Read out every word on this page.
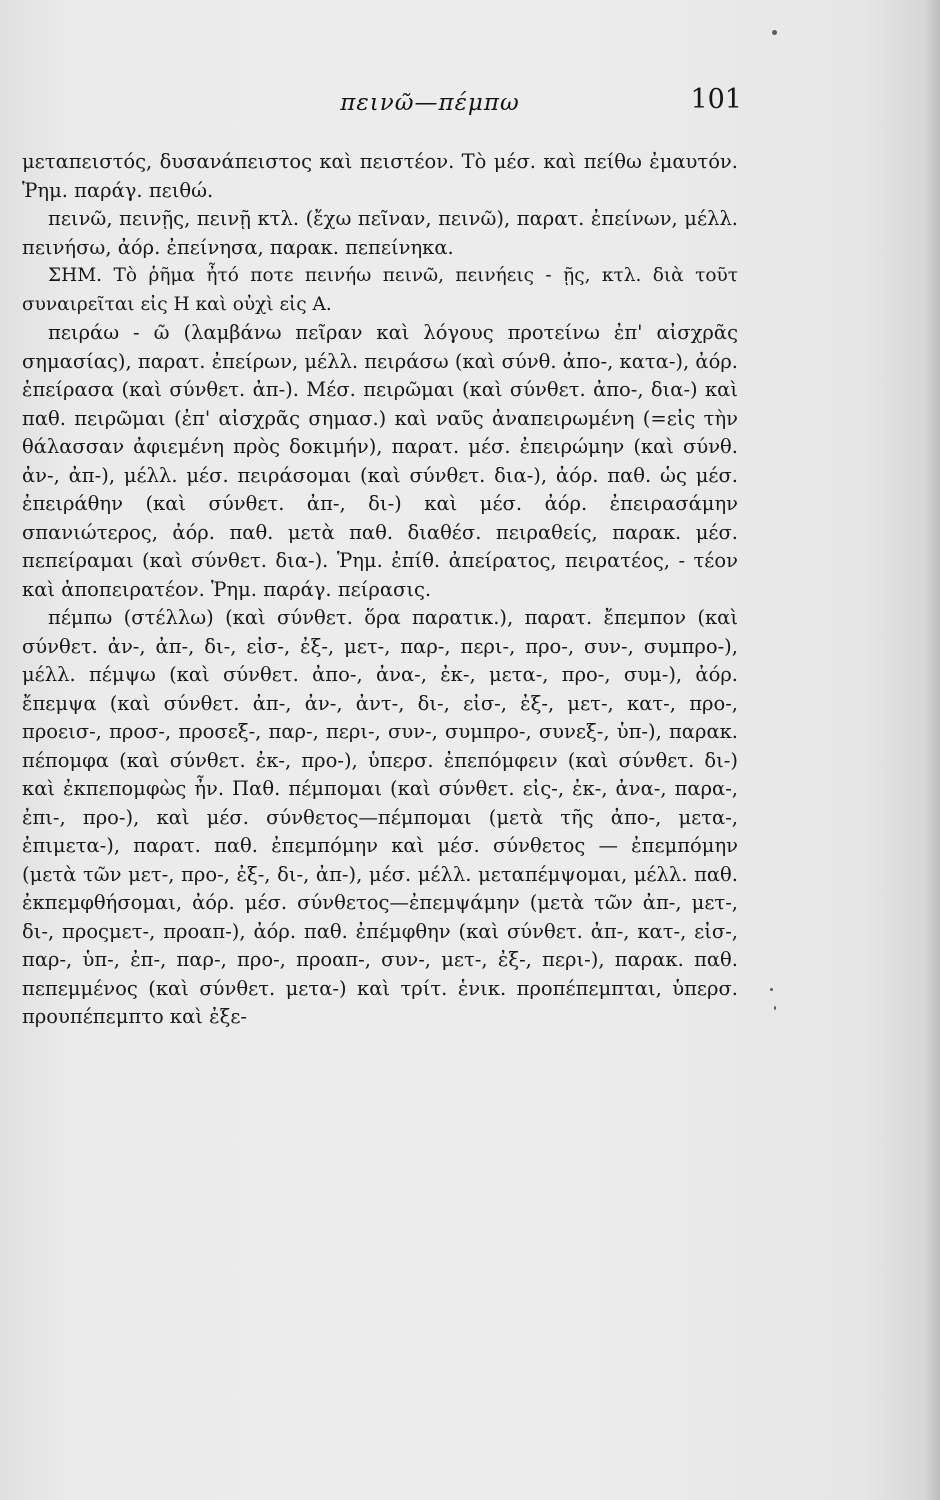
πεινῶ—πέμπω	101

μεταπειστός, δυσανάπειστος καὶ πειστέον. Τὸ μέσ. καὶ πείθω ἐμαυτόν. Ῥημ. παράγ. πειθώ.

πεινῶ, πεινῇς, πεινῇ κτλ. (ἔχω πεῖναν, πεινῶ), παρατ. ἐπείνων, μέλλ. πεινήσω, ἀόρ. ἐπείνησα, παρακ. πεπείνηκα.

ΣΗΜ. Τὸ ῥῆμα ἦτό ποτε πεινήω πεινῶ, πεινήεις - ῇς, κτλ. διὰ τοῦτ συναιρεῖται εἰς Η καὶ οὐχὶ εἰς Α.

πειράω - ῶ (λαμβάνω πεῖραν καὶ λόγους προτείνω ἐπ' αἰσχρᾶς σημασίας), παρατ. ἐπείρων, μέλλ. πειράσω (καὶ σύνθ. ἀπο-, κατα-), ἀόρ. ἐπείρασα (καὶ σύνθετ. ἀπ-). Μέσ. πειρῶμαι (καὶ σύνθετ. ἀπο-, δια-) καὶ παθ. πειρῶμαι (ἐπ' αἰσχρᾶς σημασ.) καὶ ναῦς ἀναπειρωμένη (=εἰς τὴν θάλασσαν ἀφιεμένη πρὸς δοκιμήν), παρατ. μέσ. ἐπειρώμην (καὶ σύνθ. ἀν-, ἀπ-), μέλλ. μέσ. πειράσομαι (καὶ σύνθετ. δια-), ἀόρ. παθ. ὡς μέσ. ἐπειράθην (καὶ σύνθετ. ἀπ-, δι-) καὶ μέσ. ἀόρ. ἐπειρασάμην σπανιώτερος, ἀόρ. παθ. μετὰ παθ. διαθέσ. πειραθείς, παρακ. μέσ. πεπείραμαι (καὶ σύνθετ. δια-). Ῥημ. ἐπίθ. ἀπείρατος, πειρατέος, - τέον καὶ ἀποπειρατέον. Ῥημ. παράγ. πείρασις.

πέμπω (στέλλω) (καὶ σύνθετ. ὅρα παρατικ.), παρατ. ἔπεμπον (καὶ σύνθετ. ἀν-, ἀπ-, δι-, εἰσ-, ἐξ-, μετ-, παρ-, περι-, προ-, συν-, συμπρο-), μέλλ. πέμψω (καὶ σύνθετ. ἀπο-, ἀνα-, ἐκ-, μετα-, προ-, συμ-), ἀόρ. ἔπεμψα (καὶ σύνθετ. ἀπ-, ἀν-, ἀντ-, δι-, εἰσ-, ἐξ-, μετ-, κατ-, προ-, προεισ-, προσ-, προσεξ-, παρ-, περι-, συν-, συμπρο-, συνεξ-, ὑπ-), παρακ. πέπομφα (καὶ σύνθετ. ἐκ-, προ-), ὑπερσ. ἐπεπόμφειν (καὶ σύνθετ. δι-) καὶ ἐκπεπομφὼς ἦν. Παθ. πέμπομαι (καὶ σύνθετ. εἰς-, ἐκ-, ἀνα-, παρα-, ἐπι-, προ-), καὶ μέσ. σύνθετος—πέμπομαι (μετὰ τῆς ἀπο-, μετα-, ἐπιμετα-), παρατ. παθ. ἐπεμπόμην καὶ μέσ. σύνθετος — ἐπεμπόμην (μετὰ τῶν μετ-, προ-, ἐξ-, δι-, ἀπ-), μέσ. μέλλ. μεταπέμψομαι, μέλλ. παθ. ἐκπεμφθήσομαι, ἀόρ. μέσ. σύνθετος—ἐπεμψάμην (μετὰ τῶν ἀπ-, μετ-, δι-, προςμετ-, προαπ-), ἀόρ. παθ. ἐπέμφθην (καὶ σύνθετ. ἀπ-, κατ-, εἰσ-, παρ-, ὑπ-, ἐπ-, παρ-, προ-, προαπ-, συν-, μετ-, ἐξ-, περι-), παρακ. παθ. πεπεμμένος (καὶ σύνθετ. μετα-) καὶ τρίτ. ἑνικ. προπέπεμπται, ὑπερσ. προυπέπεμπτο καὶ ἐξε-
